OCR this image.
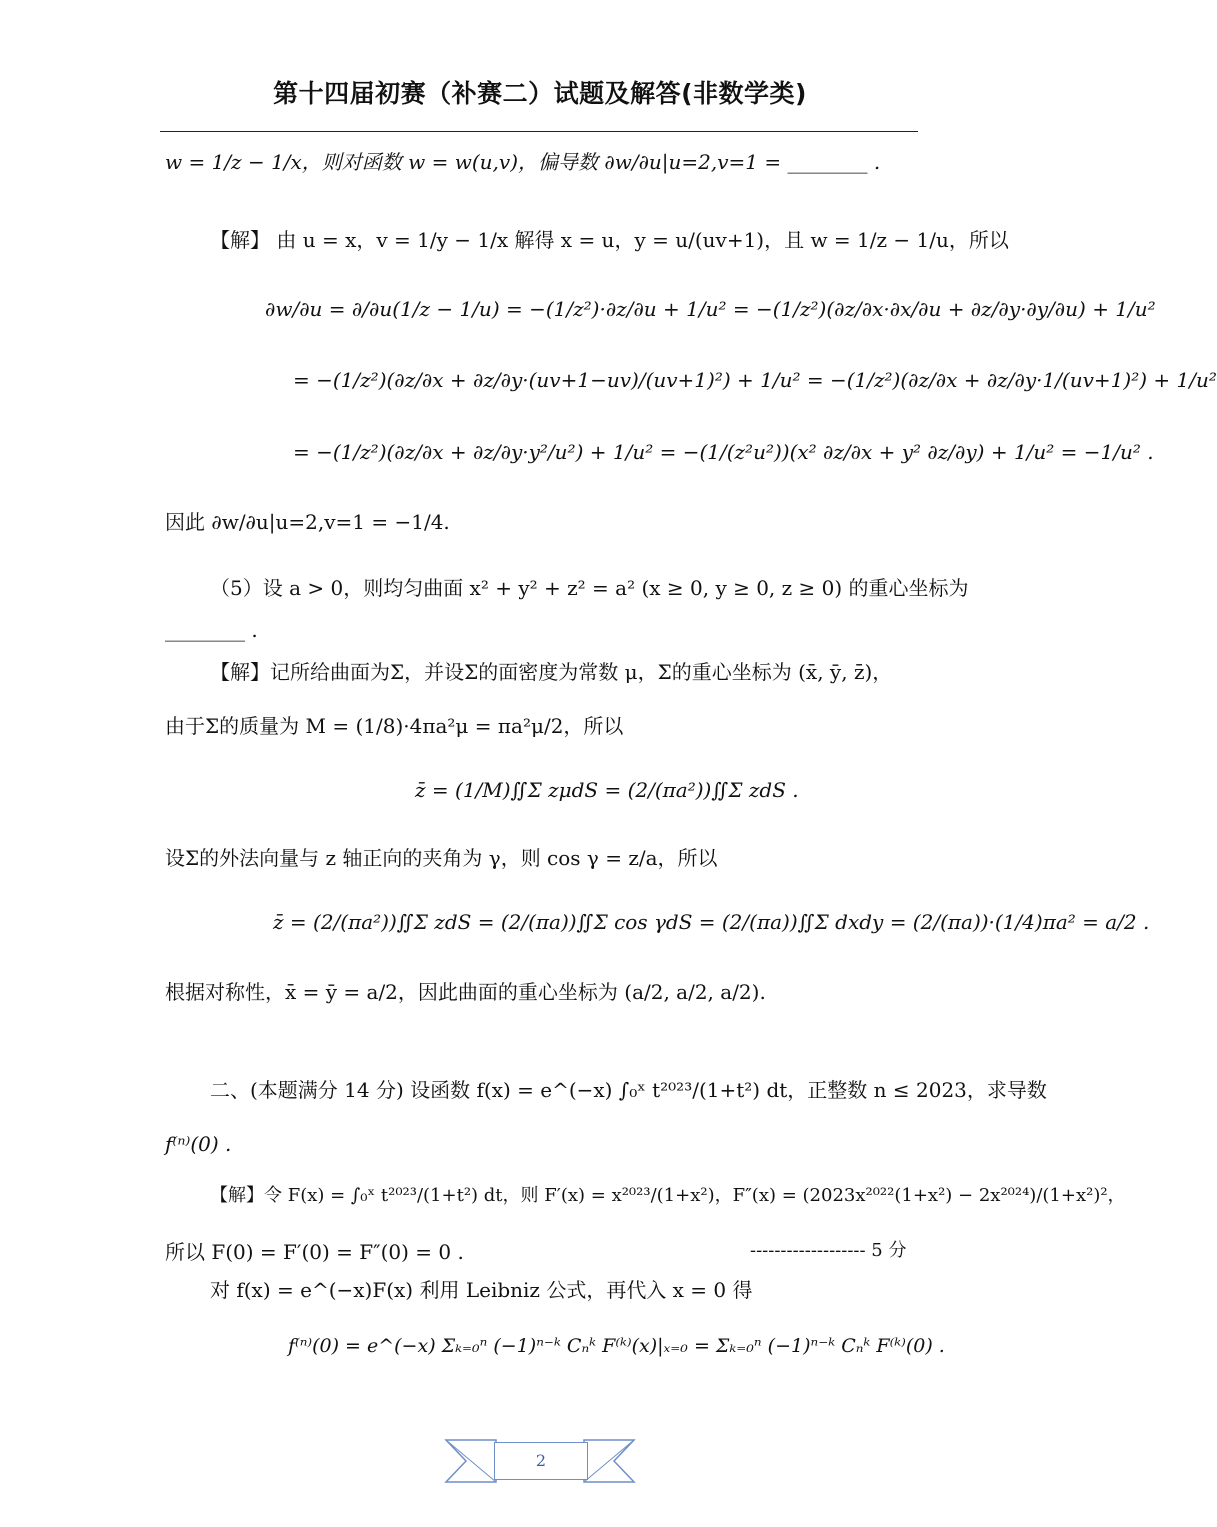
第十四届初赛（补赛二）试题及解答(非数学类)
w = 1/z − 1/x，则对函数 w = w(u,v)，偏导数 ∂w/∂u|u=2,v=1 = ________ .
【解】 由 u = x，v = 1/y − 1/x 解得 x = u，y = u/(uv+1)，且 w = 1/z − 1/u，所以
∂w/∂u = ∂/∂u(1/z − 1/u) = −(1/z²)·∂z/∂u + 1/u² = −(1/z²)(∂z/∂x·∂x/∂u + ∂z/∂y·∂y/∂u) + 1/u²
= −(1/z²)(∂z/∂x + ∂z/∂y·(uv+1−uv)/(uv+1)²) + 1/u² = −(1/z²)(∂z/∂x + ∂z/∂y·1/(uv+1)²) + 1/u²
= −(1/z²)(∂z/∂x + ∂z/∂y·y²/u²) + 1/u² = −(1/(z²u²))(x² ∂z/∂x + y² ∂z/∂y) + 1/u² = −1/u² .
因此 ∂w/∂u|u=2,v=1 = −1/4.
（5）设 a > 0，则均匀曲面 x² + y² + z² = a² (x ≥ 0, y ≥ 0, z ≥ 0) 的重心坐标为
________ .
【解】记所给曲面为Σ，并设Σ的面密度为常数 μ，Σ的重心坐标为 (x̄, ȳ, z̄)，
由于Σ的质量为 M = (1/8)·4πa²μ = πa²μ/2，所以
z̄ = (1/M)∬Σ zμdS = (2/(πa²))∬Σ zdS .
设Σ的外法向量与 z 轴正向的夹角为 γ，则 cos γ = z/a，所以
z̄ = (2/(πa²))∬Σ zdS = (2/(πa))∬Σ cos γdS = (2/(πa))∬Σ dxdy = (2/(πa))·(1/4)πa² = a/2 .
根据对称性，x̄ = ȳ = a/2，因此曲面的重心坐标为 (a/2, a/2, a/2).
二、(本题满分 14 分) 设函数 f(x) = e^(−x) ∫₀ˣ t²⁰²³/(1+t²) dt，正整数 n ≤ 2023，求导数
f⁽ⁿ⁾(0) .
【解】令 F(x) = ∫₀ˣ t²⁰²³/(1+t²) dt，则 F′(x) = x²⁰²³/(1+x²)，F″(x) = (2023x²⁰²²(1+x²) − 2x²⁰²⁴)/(1+x²)²，
所以 F(0) = F′(0) = F″(0) = 0 .	------------------- 5 分
对 f(x) = e^(−x)F(x) 利用 Leibniz 公式，再代入 x = 0 得
f⁽ⁿ⁾(0) = e^(−x) Σₖ₌₀ⁿ (−1)ⁿ⁻ᵏ Cₙᵏ F⁽ᵏ⁾(x)|ₓ₌₀ = Σₖ₌₀ⁿ (−1)ⁿ⁻ᵏ Cₙᵏ F⁽ᵏ⁾(0) .
2
